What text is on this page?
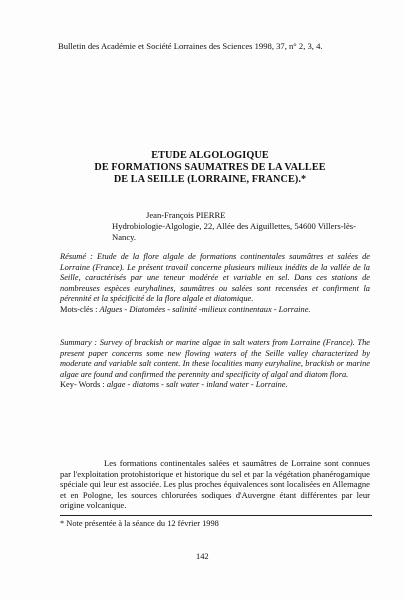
Bulletin des Académie et Société Lorraines des Sciences 1998, 37, n° 2, 3, 4.
ETUDE ALGOLOGIQUE
DE FORMATIONS SAUMATRES DE LA VALLEE
DE LA SEILLE (LORRAINE, FRANCE).*
Jean-François PIERRE
Hydrobiologie-Algologie, 22, Allée des Aiguillettes, 54600 Villers-lès-Nancy.
Résumé : Etude de la flore algale de formations continentales saumâtres et salées de Lorraine (France). Le présent travail concerne plusieurs milieux inédits de la vallée de la Seille, caractérisés par une teneur modérée et variable en sel. Dans ces stations de nombreuses espèces euryhalines, saumâtres ou salées sont recensées et confirment la pérennité et la spécificité de la flore algale et diatomique.
Mots-clés : Algues - Diatomées - salinité -milieux continentaux - Lorraine.
Summary : Survey of brackish or marine algae in salt waters from Lorraine (France). The present paper concerns some new flowing waters of the Seille valley characterized by moderate and variable salt content. In these localities many euryhaline, brackish or marine algae are found and confirmed the perennity and specificity of algal and diatom flora.
Key- Words : algae - diatoms - salt water - inland water - Lorraine.
Les formations continentales salées et saumâtres de Lorraine sont connues par l'exploitation protohistorique et historique du sel et par la végétation phanérogamique spéciale qui leur est associée. Les plus proches équivalences sont localisées en Allemagne et en Pologne, les sources chlorurées sodiques d'Auvergne étant différentes par leur origine volcanique.
* Note présentée à la séance du 12 février 1998
142
